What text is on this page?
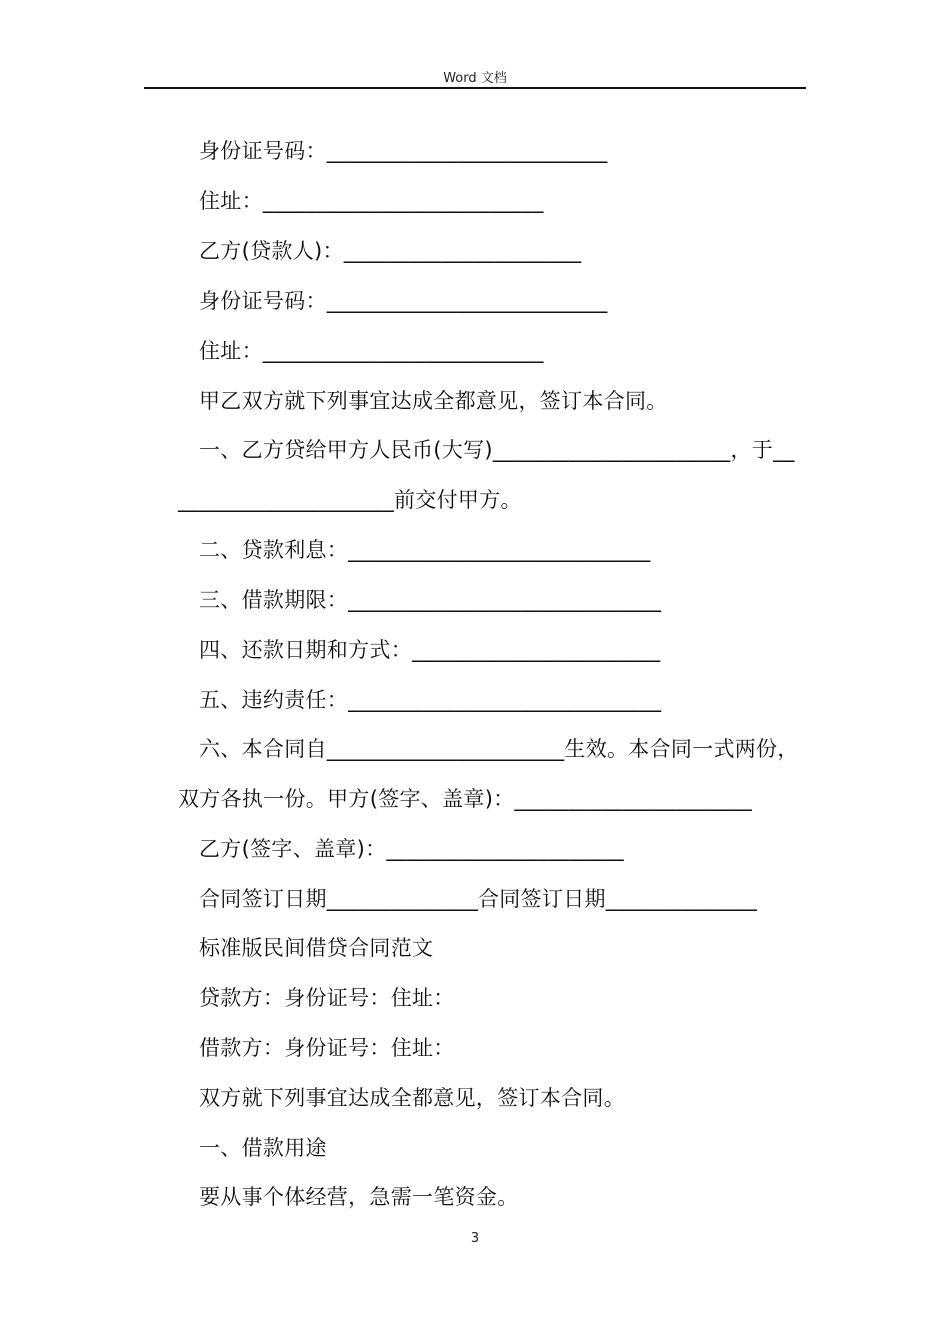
Word 文档
身份证号码：__________________________
住址：__________________________
乙方(贷款人)：______________________
身份证号码：__________________________
住址：__________________________
甲乙双方就下列事宜达成全都意见，签订本合同。
一、乙方贷给甲方人民币(大写)______________________，于__
____________________前交付甲方。
二、贷款利息：____________________________
三、借款期限：_____________________________
四、还款日期和方式：_______________________
五、违约责任：_____________________________
六、本合同自______________________生效。本合同一式两份，
双方各执一份。甲方(签字、盖章)：______________________
乙方(签字、盖章)：______________________
合同签订日期______________合同签订日期______________
标准版民间借贷合同范文
贷款方：身份证号：住址：
借款方：身份证号：住址：
双方就下列事宜达成全都意见，签订本合同。
一、借款用途
要从事个体经营，急需一笔资金。
3
